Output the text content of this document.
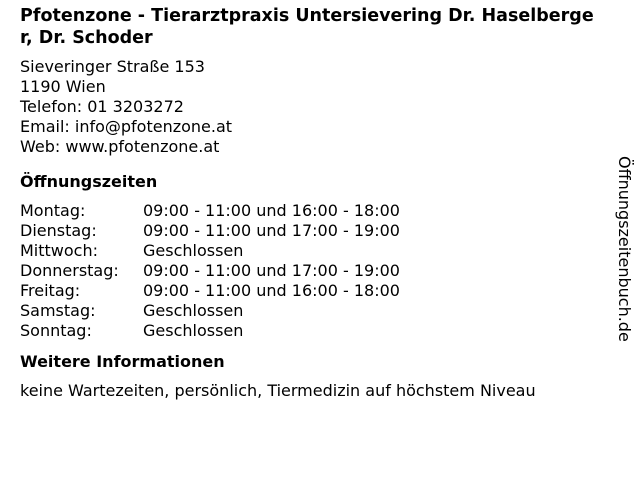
Pfotenzone - Tierarztpraxis Untersievering Dr. Haselberger, Dr. Schoder
Sieveringer Straße 153
1190 Wien
Telefon: 01 3203272
Email: info@pfotenzone.at
Web: www.pfotenzone.at
Öffnungszeiten
Montag:	09:00 - 11:00 und 16:00 - 18:00
Dienstag:	09:00 - 11:00 und 17:00 - 19:00
Mittwoch:	Geschlossen
Donnerstag:	09:00 - 11:00 und 17:00 - 19:00
Freitag:	09:00 - 11:00 und 16:00 - 18:00
Samstag:	Geschlossen
Sonntag:	Geschlossen
Weitere Informationen
keine Wartezeiten, persönlich, Tiermedizin auf höchstem Niveau
Öffnungszeitenbuch.de
